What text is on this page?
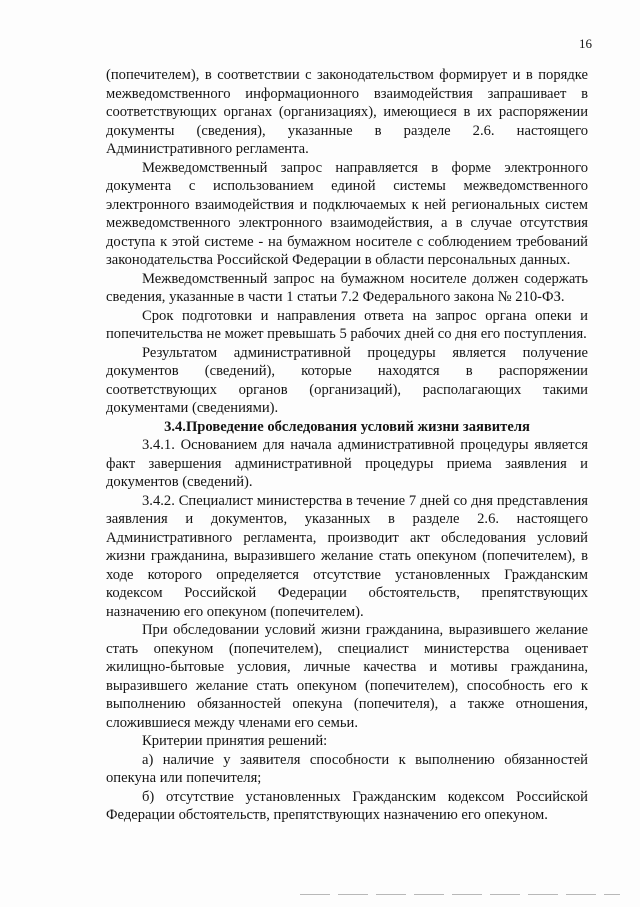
16

(попечителем), в соответствии с законодательством формирует и в порядке межведомственного информационного взаимодействия запрашивает в соответствующих органах (организациях), имеющиеся в их распоряжении документы (сведения), указанные в разделе 2.6. настоящего Административного регламента.

Межведомственный запрос направляется в форме электронного документа с использованием единой системы межведомственного электронного взаимодействия и подключаемых к ней региональных систем межведомственного электронного взаимодействия, а в случае отсутствия доступа к этой системе - на бумажном носителе с соблюдением требований законодательства Российской Федерации в области персональных данных.

Межведомственный запрос на бумажном носителе должен содержать сведения, указанные в части 1 статьи 7.2 Федерального закона № 210-ФЗ.

Срок подготовки и направления ответа на запрос органа опеки и попечительства не может превышать 5 рабочих дней со дня его поступления.

Результатом административной процедуры является получение документов (сведений), которые находятся в распоряжении соответствующих органов (организаций), располагающих такими документами (сведениями).

3.4.Проведение обследования условий жизни заявителя

3.4.1. Основанием для начала административной процедуры является факт завершения административной процедуры приема заявления и документов (сведений).

3.4.2. Специалист министерства в течение 7 дней со дня представления заявления и документов, указанных в разделе 2.6. настоящего Административного регламента, производит акт обследования условий жизни гражданина, выразившего желание стать опекуном (попечителем), в ходе которого определяется отсутствие установленных Гражданским кодексом Российской Федерации обстоятельств, препятствующих назначению его опекуном (попечителем).

При обследовании условий жизни гражданина, выразившего желание стать опекуном (попечителем), специалист министерства оценивает жилищно-бытовые условия, личные качества и мотивы гражданина, выразившего желание стать опекуном (попечителем), способность его к выполнению обязанностей опекуна (попечителя), а также отношения, сложившиеся между членами его семьи.

Критерии принятия решений:

а) наличие у заявителя способности к выполнению обязанностей опекуна или попечителя;

б) отсутствие установленных Гражданским кодексом Российской Федерации обстоятельств, препятствующих назначению его опекуном.
